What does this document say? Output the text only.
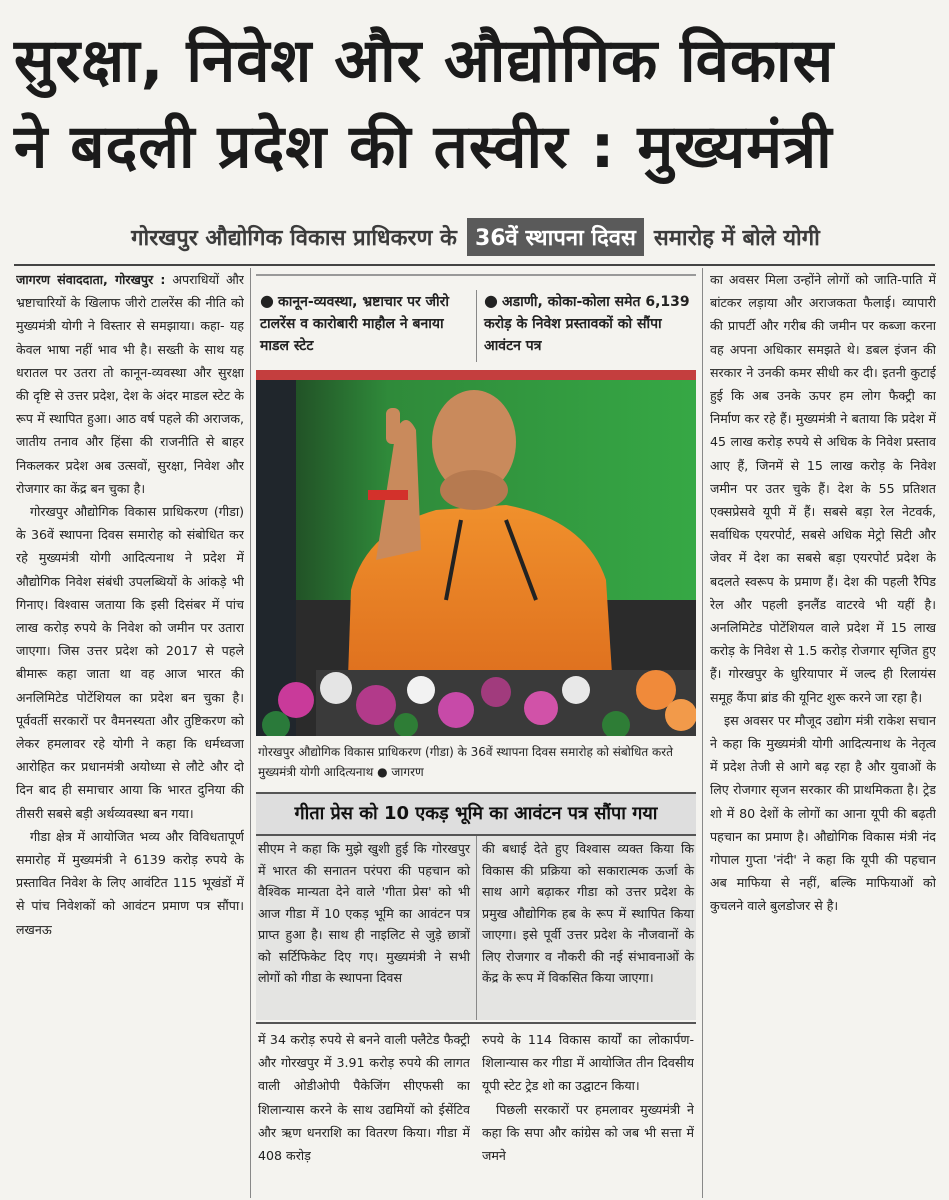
सुरक्षा, निवेश और औद्योगिक विकास
ने बदली प्रदेश की तस्वीर : मुख्यमंत्री
गोरखपुर औद्योगिक विकास प्राधिकरण के 36वें स्थापना दिवस समारोह में बोले योगी

जागरण संवाददाता, गोरखपुर : अपराधियों और भ्रष्टाचारियों के खिलाफ जीरो टालरेंस की नीति को मुख्यमंत्री योगी ने विस्तार से समझाया। कहा- यह केवल भाषा नहीं भाव भी है। सख्ती के साथ यह धरातल पर उतरा तो कानून-व्यवस्था और सुरक्षा की दृष्टि से उत्तर प्रदेश, देश के अंदर माडल स्टेट के रूप में स्थापित हुआ। आठ वर्ष पहले की अराजक, जातीय तनाव और हिंसा की राजनीति से बाहर निकलकर प्रदेश अब उत्सवों, सुरक्षा, निवेश और रोजगार का केंद्र बन चुका है।

गोरखपुर औद्योगिक विकास प्राधिकरण (गीडा) के 36वें स्थापना दिवस समारोह को संबोधित कर रहे मुख्यमंत्री योगी आदित्यनाथ ने प्रदेश में औद्योगिक निवेश संबंधी उपलब्धियों के आंकड़े भी गिनाए। विश्वास जताया कि इसी दिसंबर में पांच लाख करोड़ रुपये के निवेश को जमीन पर उतारा जाएगा। जिस उत्तर प्रदेश को 2017 से पहले बीमारू कहा जाता था वह आज भारत की अनलिमिटेड पोटेंशियल का प्रदेश बन चुका है। पूर्ववर्ती सरकारों पर वैमनस्यता और तुष्टिकरण को लेकर हमलावर रहे योगी ने कहा कि धर्मध्वजा आरोहित कर प्रधानमंत्री अयोध्या से लौटे और दो दिन बाद ही समाचार आया कि भारत दुनिया की तीसरी सबसे बड़ी अर्थव्यवस्था बन गया।

गीडा क्षेत्र में आयोजित भव्य और विविधतापूर्ण समारोह में मुख्यमंत्री ने 6139 करोड़ रुपये के प्रस्तावित निवेश के लिए आवंटित 115 भूखंडों में से पांच निवेशकों को आवंटन प्रमाण पत्र सौंपा। लखनऊ

● कानून-व्यवस्था, भ्रष्टाचार पर जीरो टालरेंस व कारोबारी माहौल ने बनाया माडल स्टेट
● अडाणी, कोका-कोला समेत 6,139 करोड़ के निवेश प्रस्तावकों को सौंपा आवंटन पत्र
गोरखपुर औद्योगिक विकास प्राधिकरण (गीडा) के 36वें स्थापना दिवस समारोह को संबोधित करते मुख्यमंत्री योगी आदित्यनाथ ● जागरण
गीता प्रेस को 10 एकड़ भूमि का आवंटन पत्र सौंपा गया
सीएम ने कहा कि मुझे खुशी हुई कि गोरखपुर में भारत की सनातन परंपरा की पहचान को वैश्विक मान्यता देने वाले 'गीता प्रेस' को भी आज गीडा में 10 एकड़ भूमि का आवंटन पत्र प्राप्त हुआ है। साथ ही नाइलिट से जुड़े छात्रों को सर्टिफिकेट दिए गए। मुख्यमंत्री ने सभी लोगों को गीडा के स्थापना दिवस
की बधाई देते हुए विश्वास व्यक्त किया कि विकास की प्रक्रिया को सकारात्मक ऊर्जा के साथ आगे बढ़ाकर गीडा को उत्तर प्रदेश के प्रमुख औद्योगिक हब के रूप में स्थापित किया जाएगा। इसे पूर्वी उत्तर प्रदेश के नौजवानों के लिए रोजगार व नौकरी की नई संभावनाओं के केंद्र के रूप में विकसित किया जाएगा।

में 34 करोड़ रुपये से बनने वाली फ्लैटेड फैक्ट्री और गोरखपुर में 3.91 करोड़ रुपये की लागत वाली ओडीओपी पैकेजिंग सीएफसी का शिलान्यास करने के साथ उद्यमियों को ईसेंटिव और ऋण धनराशि का वितरण किया। गीडा में 408 करोड़

रुपये के 114 विकास कार्यों का लोकार्पण-शिलान्यास कर गीडा में आयोजित तीन दिवसीय यूपी स्टेट ट्रेड शो का उद्घाटन किया।

पिछली सरकारों पर हमलावर मुख्यमंत्री ने कहा कि सपा और कांग्रेस को जब भी सत्ता में जमने

का अवसर मिला उन्होंने लोगों को जाति-पाति में बांटकर लड़ाया और अराजकता फैलाई। व्यापारी की प्रापर्टी और गरीब की जमीन पर कब्जा करना वह अपना अधिकार समझते थे। डबल इंजन की सरकार ने उनकी कमर सीधी कर दी। इतनी कुटाई हुई कि अब उनके ऊपर हम लोग फैक्ट्री का निर्माण कर रहे हैं। मुख्यमंत्री ने बताया कि प्रदेश में 45 लाख करोड़ रुपये से अधिक के निवेश प्रस्ताव आए हैं, जिनमें से 15 लाख करोड़ के निवेश जमीन पर उतर चुके हैं। देश के 55 प्रतिशत एक्सप्रेसवे यूपी में हैं। सबसे बड़ा रेल नेटवर्क, सर्वाधिक एयरपोर्ट, सबसे अधिक मेट्रो सिटी और जेवर में देश का सबसे बड़ा एयरपोर्ट प्रदेश के बदलते स्वरूप के प्रमाण हैं। देश की पहली रैपिड रेल और पहली इनलैंड वाटरवे भी यहीं है। अनलिमिटेड पोटेंशियल वाले प्रदेश में 15 लाख करोड़ के निवेश से 1.5 करोड़ रोजगार सृजित हुए हैं। गोरखपुर के धुरियापार में जल्द ही रिलायंस समूह कैंपा ब्रांड की यूनिट शुरू करने जा रहा है।

इस अवसर पर मौजूद उद्योग मंत्री राकेश सचान ने कहा कि मुख्यमंत्री योगी आदित्यनाथ के नेतृत्व में प्रदेश तेजी से आगे बढ़ रहा है और युवाओं के लिए रोजगार सृजन सरकार की प्राथमिकता है। ट्रेड शो में 80 देशों के लोगों का आना यूपी की बढ़ती पहचान का प्रमाण है। औद्योगिक विकास मंत्री नंद गोपाल गुप्ता 'नंदी' ने कहा कि यूपी की पहचान अब माफिया से नहीं, बल्कि माफियाओं को कुचलने वाले बुलडोजर से है।
